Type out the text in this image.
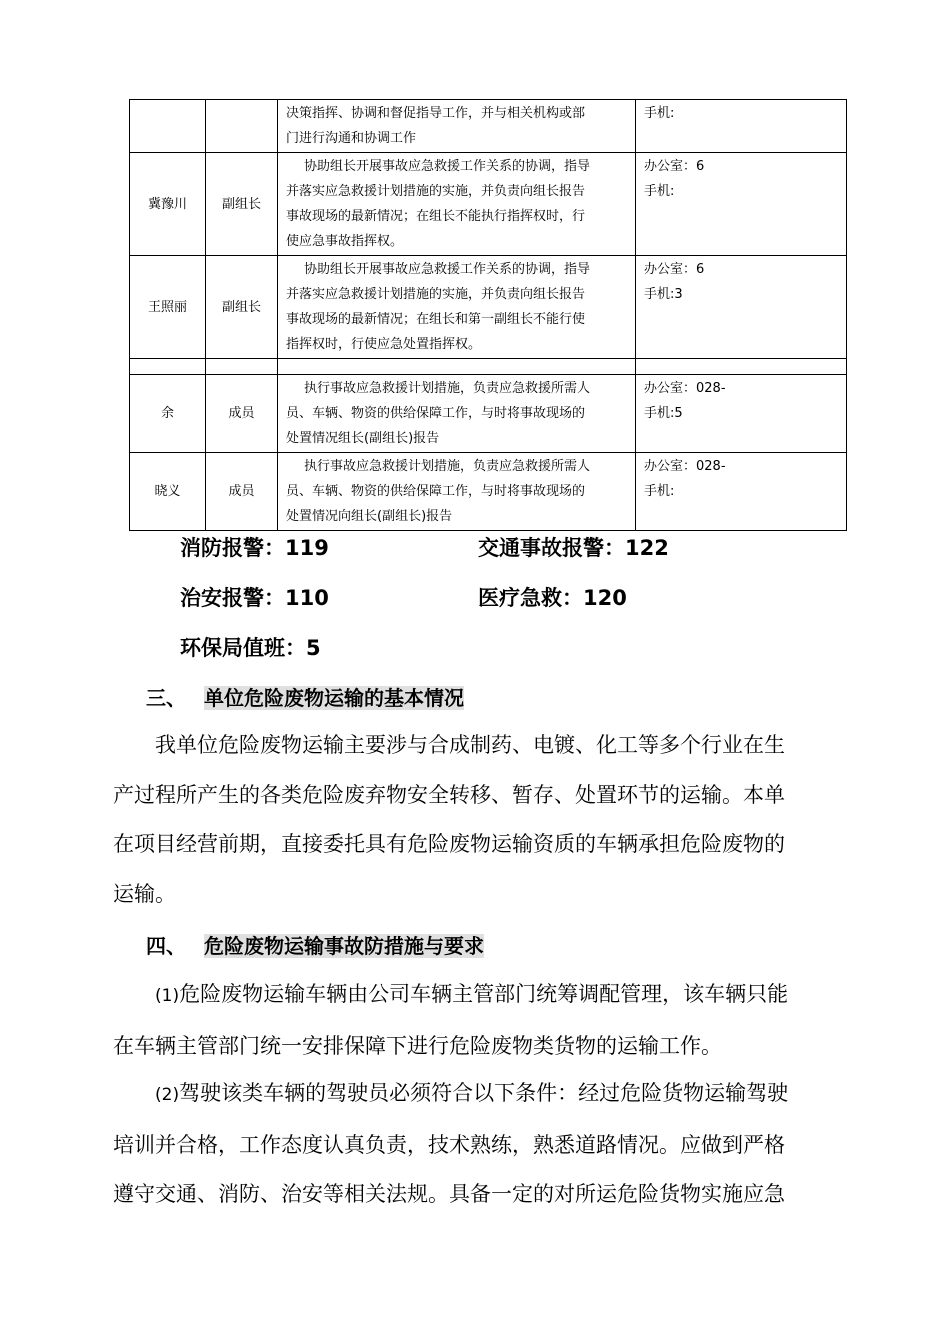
		决策指挥、协调和督促指导工作，并与相关机构或部
门进行沟通和协调工作	手机:

冀豫川	副组长	协助组长开展事故应急救援工作关系的协调，指导
并落实应急救援计划措施的实施，并负责向组长报告
事故现场的最新情况；在组长不能执行指挥权时，行
使应急事故指挥权。	办公室：6
手机:

王照丽	副组长	协助组长开展事故应急救援工作关系的协调，指导
并落实应急救援计划措施的实施，并负责向组长报告
事故现场的最新情况；在组长和第一副组长不能行使
指挥权时，行使应急处置指挥权。	办公室：6
手机:3

余	成员	执行事故应急救援计划措施，负责应急救援所需人
员、车辆、物资的供给保障工作，与时将事故现场的
处置情况组长(副组长)报告	办公室：028-
手机:5

晓义	成员	执行事故应急救援计划措施，负责应急救援所需人
员、车辆、物资的供给保障工作，与时将事故现场的
处置情况向组长(副组长)报告	办公室：028-
手机:
消防报警：119	交通事故报警：122
治安报警：110	医疗急救：120
环保局值班：5
三、 单位危险废物运输的基本情况
我单位危险废物运输主要涉与合成制药、电镀、化工等多个行业在生
产过程所产生的各类危险废弃物安全转移、暂存、处置环节的运输。本单
在项目经营前期，直接委托具有危险废物运输资质的车辆承担危险废物的
运输。
四、 危险废物运输事故防措施与要求
(1)危险废物运输车辆由公司车辆主管部门统筹调配管理，该车辆只能
在车辆主管部门统一安排保障下进行危险废物类货物的运输工作。
(2)驾驶该类车辆的驾驶员必须符合以下条件：经过危险货物运输驾驶
培训并合格，工作态度认真负责，技术熟练，熟悉道路情况。应做到严格
遵守交通、消防、治安等相关法规。具备一定的对所运危险货物实施应急
